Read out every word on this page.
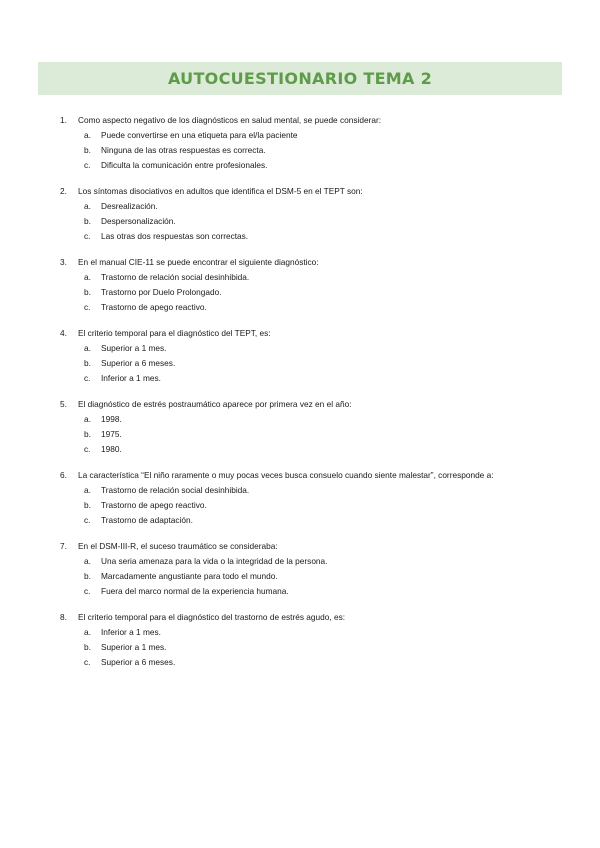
AUTOCUESTIONARIO TEMA 2
1. Como aspecto negativo de los diagnósticos en salud mental, se puede considerar:
a. Puede convertirse en una etiqueta para el/la paciente
b. Ninguna de las otras respuestas es correcta.
c. Dificulta la comunicación entre profesionales.
2. Los síntomas disociativos en adultos que identifica el DSM-5 en el TEPT son:
a. Desrealización.
b. Despersonalización.
c. Las otras dos respuestas son correctas.
3. En el manual CIE-11 se puede encontrar el siguiente diagnóstico:
a. Trastorno de relación social desinhibida.
b. Trastorno por Duelo Prolongado.
c. Trastorno de apego reactivo.
4. El criterio temporal para el diagnóstico del TEPT, es:
a. Superior a 1 mes.
b. Superior a 6 meses.
c. Inferior a 1 mes.
5. El diagnóstico de estrés postraumático aparece por primera vez en el año:
a. 1998.
b. 1975.
c. 1980.
6. La característica “El niño raramente o muy pocas veces busca consuelo cuando siente malestar”, corresponde a:
a. Trastorno de relación social desinhibida.
b. Trastorno de apego reactivo.
c. Trastorno de adaptación.
7. En el DSM-III-R, el suceso traumático se consideraba:
a. Una seria amenaza para la vida o la integridad de la persona.
b. Marcadamente angustiante para todo el mundo.
c. Fuera del marco normal de la experiencia humana.
8. El criterio temporal para el diagnóstico del trastorno de estrés agudo, es:
a. Inferior a 1 mes.
b. Superior a 1 mes.
c. Superior a 6 meses.
